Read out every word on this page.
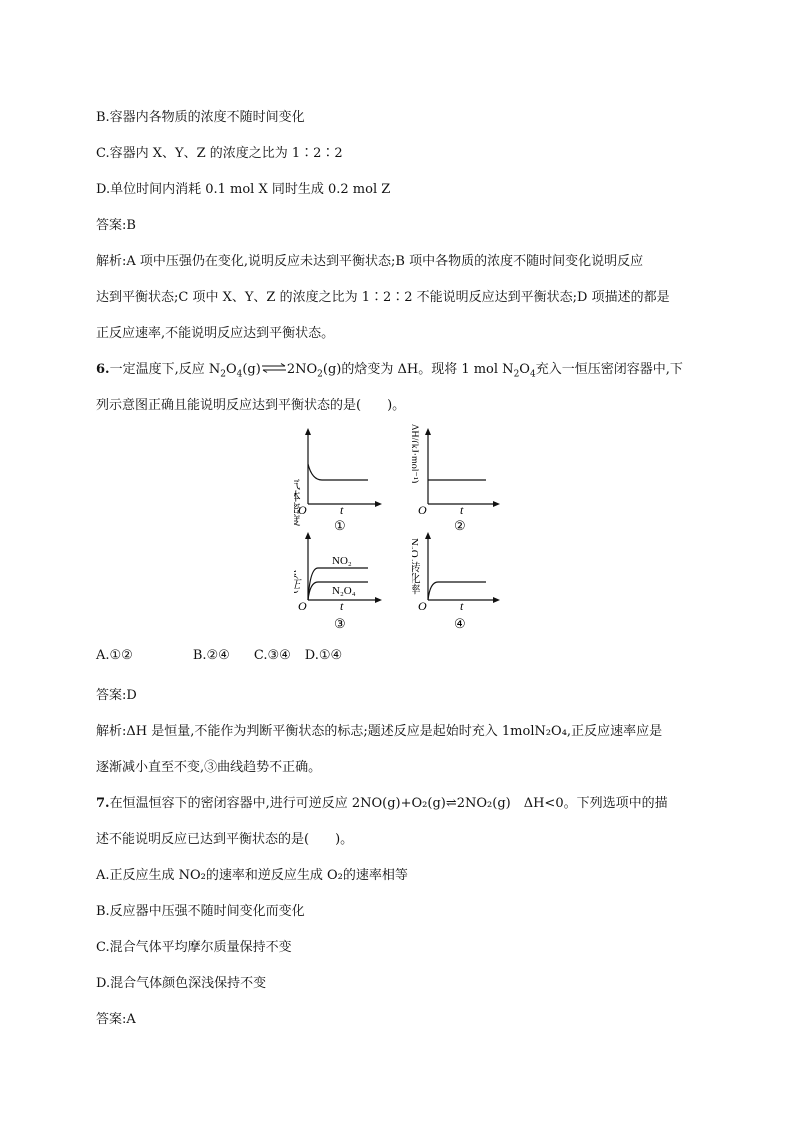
B.容器内各物质的浓度不随时间变化
C.容器内 X、Y、Z 的浓度之比为 1∶2∶2
D.单位时间内消耗 0.1 mol X 同时生成 0.2 mol Z
答案:B
解析:A 项中压强仍在变化,说明反应未达到平衡状态;B 项中各物质的浓度不随时间变化说明反应
达到平衡状态;C 项中 X、Y、Z 的浓度之比为 1∶2∶2 不能说明反应达到平衡状态;D 项描述的都是
正反应速率,不能说明反应达到平衡状态。
6.一定温度下,反应 $N_2O_4(g)\rightleftharpoons 2NO_2(g)$的焓变为 ΔH。现将 1 mol $N_2O_4$充入一恒压密闭容器中,下
列示意图正确且能说明反应达到平衡状态的是(　　)。
气体密度
O	t
①
ΔH/(kJ·mol⁻¹)
O	t
②
NO₂
N₂O₄
v(正)
O	t
③
N₂O₄转化率
O	t
④
A.①②	B.②④ C.③④ D.①④
答案:D
解析:ΔH 是恒量,不能作为判断平衡状态的标志;题述反应是起始时充入 1molN₂O₄,正反应速率应是
逐渐减小直至不变,③曲线趋势不正确。
7.在恒温恒容下的密闭容器中,进行可逆反应 2NO(g)+O₂(g)⇌2NO₂(g)　ΔH<0。下列选项中的描
述不能说明反应已达到平衡状态的是(　　)。
A.正反应生成 NO₂的速率和逆反应生成 O₂的速率相等
B.反应器中压强不随时间变化而变化
C.混合气体平均摩尔质量保持不变
D.混合气体颜色深浅保持不变
答案:A
